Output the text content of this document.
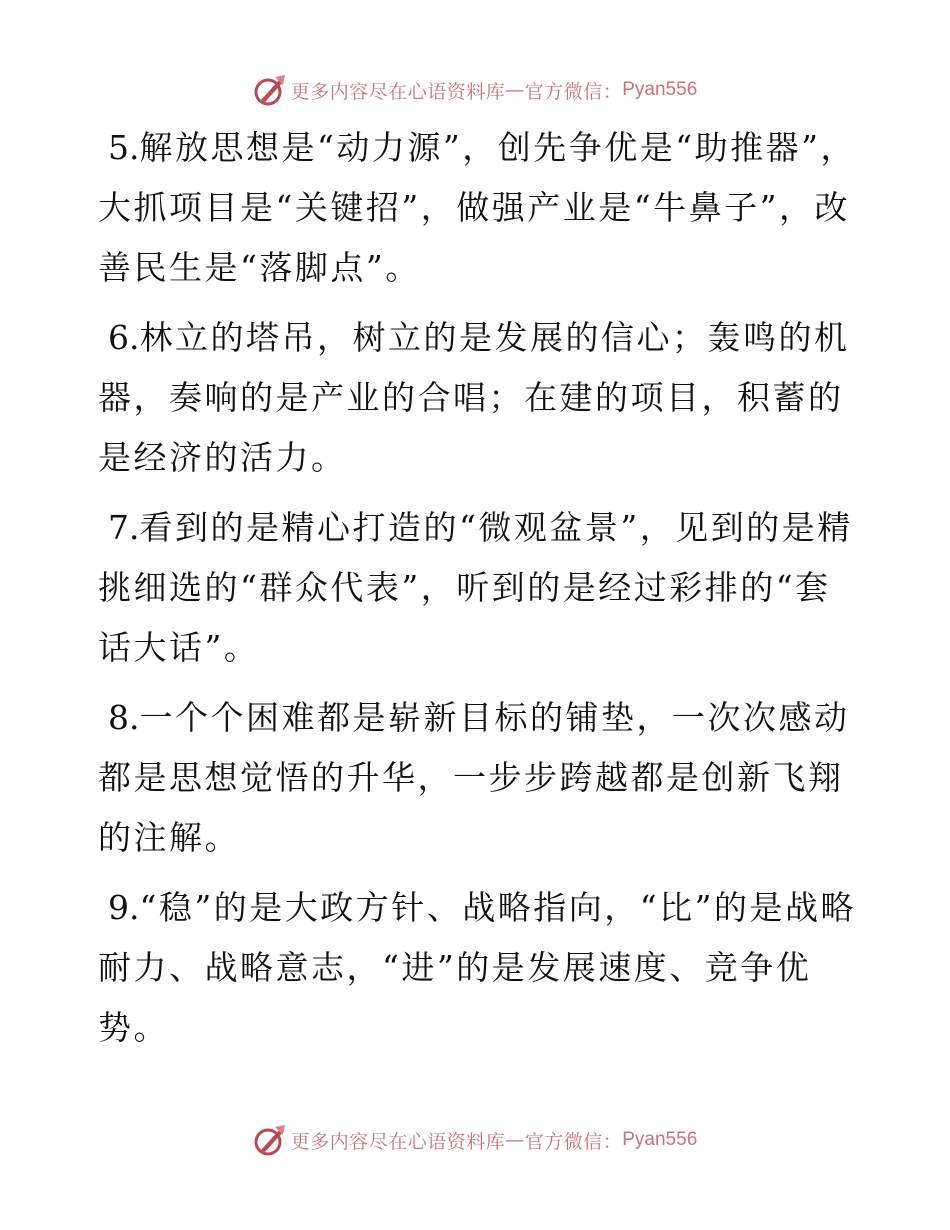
更多内容尽在心语资料库 — 官方微信： Pyan556

5.解放思想是“动力源”，创先争优是“助推器”，大抓项目是“关键招”，做强产业是“牛鼻子”，改善民生是“落脚点”。

6.林立的塔吊，树立的是发展的信心；轰鸣的机器，奏响的是产业的合唱；在建的项目，积蓄的是经济的活力。

7.看到的是精心打造的“微观盆景”，见到的是精挑细选的“群众代表”，听到的是经过彩排的“套话大话”。

8.一个个困难都是崭新目标的铺垫，一次次感动都是思想觉悟的升华，一步步跨越都是创新飞翔的注解。

9.“稳”的是大政方针、战略指向，“比”的是战略耐力、战略意志，“进”的是发展速度、竞争优势。

更多内容尽在心语资料库 — 官方微信： Pyan556
